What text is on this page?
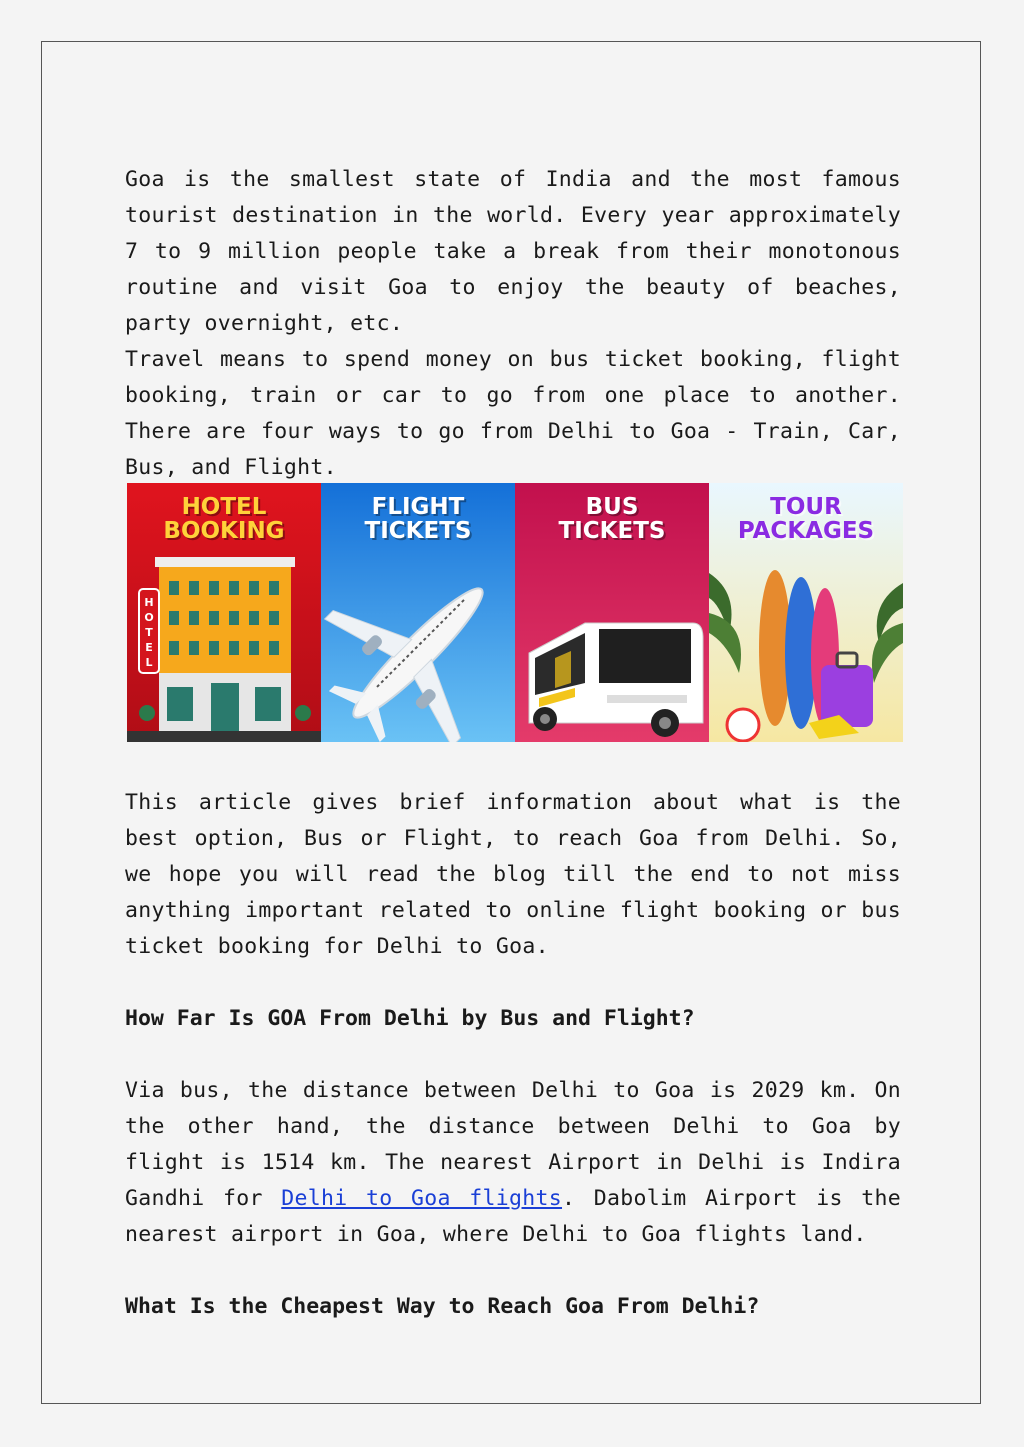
Goa is the smallest state of India and the most famous tourist destination in the world. Every year approximately 7 to 9 million people take a break from their monotonous routine and visit Goa to enjoy the beauty of beaches, party overnight, etc.

Travel means to spend money on bus ticket booking, flight booking, train or car to go from one place to another. There are four ways to go from Delhi to Goa - Train, Car, Bus, and Flight.

This article gives brief information about what is the best option, Bus or Flight, to reach Goa from Delhi. So, we hope you will read the blog till the end to not miss anything important related to online flight booking or bus ticket booking for Delhi to Goa.

How Far Is GOA From Delhi by Bus and Flight?

Via bus, the distance between Delhi to Goa is 2029 km. On the other hand, the distance between Delhi to Goa by flight is 1514 km. The nearest Airport in Delhi is Indira Gandhi for Delhi to Goa flights. Dabolim Airport is the nearest airport in Goa, where Delhi to Goa flights land.

What Is the Cheapest Way to Reach Goa From Delhi?
HOTEL
BOOKING
HOTEL
FLIGHT
TICKETS
BUS
TICKETS
TOUR
PACKAGES
